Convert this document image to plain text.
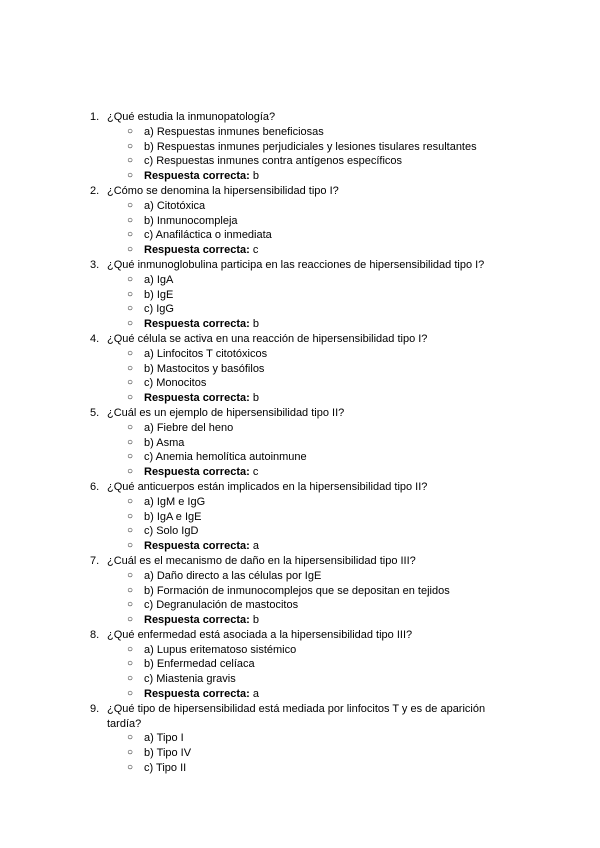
1. ¿Qué estudia la inmunopatología?
○ a) Respuestas inmunes beneficiosas
○ b) Respuestas inmunes perjudiciales y lesiones tisulares resultantes
○ c) Respuestas inmunes contra antígenos específicos
○ Respuesta correcta: b
2. ¿Cómo se denomina la hipersensibilidad tipo I?
○ a) Citotóxica
○ b) Inmunocompleja
○ c) Anafiláctica o inmediata
○ Respuesta correcta: c
3. ¿Qué inmunoglobulina participa en las reacciones de hipersensibilidad tipo I?
○ a) IgA
○ b) IgE
○ c) IgG
○ Respuesta correcta: b
4. ¿Qué célula se activa en una reacción de hipersensibilidad tipo I?
○ a) Linfocitos T citotóxicos
○ b) Mastocitos y basófilos
○ c) Monocitos
○ Respuesta correcta: b
5. ¿Cuál es un ejemplo de hipersensibilidad tipo II?
○ a) Fiebre del heno
○ b) Asma
○ c) Anemia hemolítica autoinmune
○ Respuesta correcta: c
6. ¿Qué anticuerpos están implicados en la hipersensibilidad tipo II?
○ a) IgM e IgG
○ b) IgA e IgE
○ c) Solo IgD
○ Respuesta correcta: a
7. ¿Cuál es el mecanismo de daño en la hipersensibilidad tipo III?
○ a) Daño directo a las células por IgE
○ b) Formación de inmunocomplejos que se depositan en tejidos
○ c) Degranulación de mastocitos
○ Respuesta correcta: b
8. ¿Qué enfermedad está asociada a la hipersensibilidad tipo III?
○ a) Lupus eritematoso sistémico
○ b) Enfermedad celíaca
○ c) Miastenia gravis
○ Respuesta correcta: a
9. ¿Qué tipo de hipersensibilidad está mediada por linfocitos T y es de aparición tardía?
○ a) Tipo I
○ b) Tipo IV
○ c) Tipo II
